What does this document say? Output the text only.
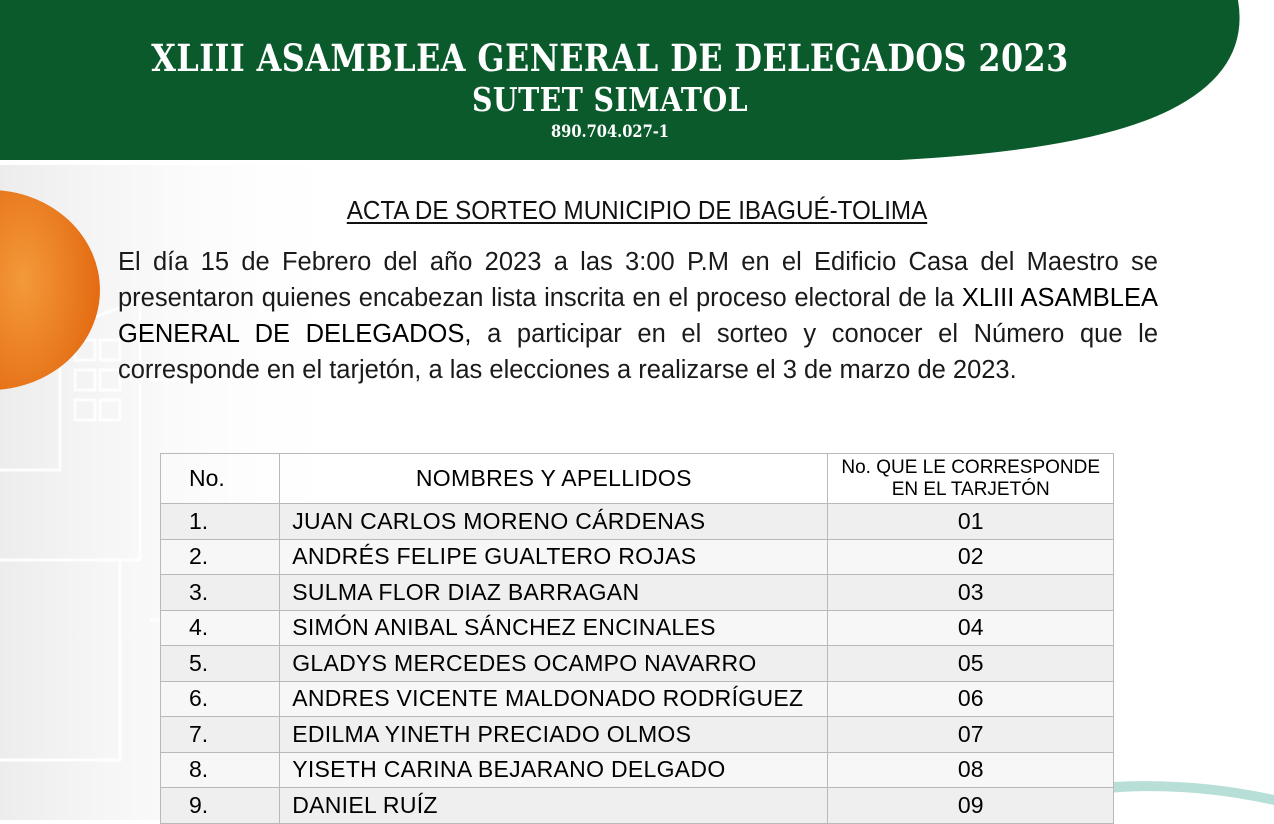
XLIII ASAMBLEA GENERAL DE DELEGADOS 2023
SUTET SIMATOL
890.704.027-1
ACTA DE SORTEO MUNICIPIO DE IBAGUÉ-TOLIMA
El día 15 de Febrero del año 2023 a las 3:00 P.M en el Edificio Casa del Maestro se presentaron quienes encabezan lista inscrita en el proceso electoral de la XLIII ASAMBLEA GENERAL DE DELEGADOS, a participar en el sorteo y conocer el Número que le corresponde en el tarjetón, a las elecciones a realizarse el 3 de marzo de 2023.
No.	NOMBRES Y APELLIDOS	No. QUE LE CORRESPONDE
EN EL TARJETÓN

1.	JUAN CARLOS MORENO CÁRDENAS	01
2.	ANDRÉS FELIPE GUALTERO ROJAS	02
3.	SULMA FLOR DIAZ BARRAGAN	03
4.	SIMÓN ANIBAL SÁNCHEZ ENCINALES	04
5.	GLADYS MERCEDES OCAMPO NAVARRO	05
6.	ANDRES VICENTE MALDONADO RODRÍGUEZ	06
7.	EDILMA YINETH PRECIADO OLMOS	07
8.	YISETH CARINA BEJARANO DELGADO	08
9.	DANIEL RUÍZ	09
